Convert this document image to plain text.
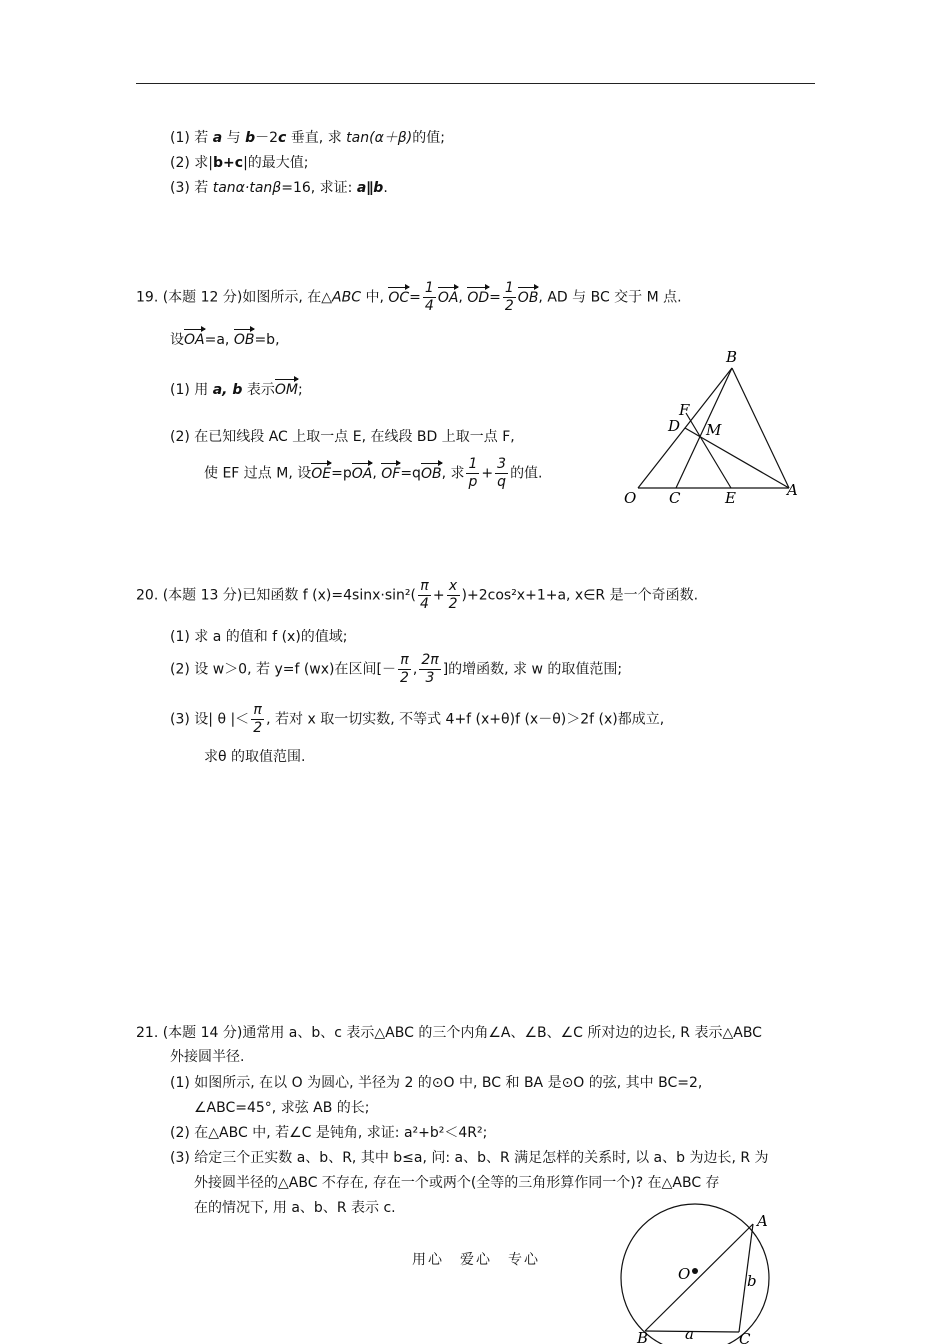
(1) 若 a 与 b－2c 垂直, 求 tan(α＋β)的值;
(2) 求|b+c|的最大值;
(3) 若 tanα·tanβ=16, 求证: a∥b.
19. (本题 12 分)如图所示, 在△ABC 中, $OC= \frac{1}{4}$ OA, $OD= \frac{1}{2}$ OB, AD 与 BC 交于 M 点.
设OA=a, OB=b,
(1) 用 a, b 表示OM;
(2) 在已知线段 AC 上取一点 E, 在线段 BD 上取一点 F,
使 EF 过点 M, 设OE=pOA, OF=qOB, 求 $\frac{1}{p} + \frac{3}{q}$ 的值.
B
F
D M
O C	E	A
20. (本题 13 分)已知函数 f $(x)=4\sin x\cdot\sin^2( \frac{\pi}{4} + \frac{x}{2} )+2\cos^2x+1+a$, x∈R 是一个奇函数.
(1) 求 a 的值和 f (x)的值域;
(2) 设 w＞0, 若 y=f (wx)在区间[－ $\frac{\pi}{2}$ , $\frac{2\pi}{3}$ ]的增函数, 求 w 的取值范围;
(3) 设| θ |＜ $\frac{\pi}{2}$ , 若对 x 取一切实数, 不等式 4+f (x+θ)f (x－θ)＞2f (x)都成立,
求θ 的取值范围.
21. (本题 14 分)通常用 a、b、c 表示△ABC 的三个内角∠A、∠B、∠C 所对边的边长, R 表示△ABC
外接圆半径.
(1) 如图所示, 在以 O 为圆心, 半径为 2 的⊙O 中, BC 和 BA 是⊙O 的弦, 其中 BC=2,
∠ABC=45°, 求弦 AB 的长;
(2) 在△ABC 中, 若∠C 是钝角, 求证: a²+b²＜4R²;
(3) 给定三个正实数 a、b、R, 其中 b≤a, 问: a、b、R 满足怎样的关系时, 以 a、b 为边长, R 为
外接圆半径的△ABC 不存在, 存在一个或两个(全等的三角形算作同一个)? 在△ABC 存
在的情况下, 用 a、b、R 表示 c.
A
O	b
B a	C
用心　爱心　专心
